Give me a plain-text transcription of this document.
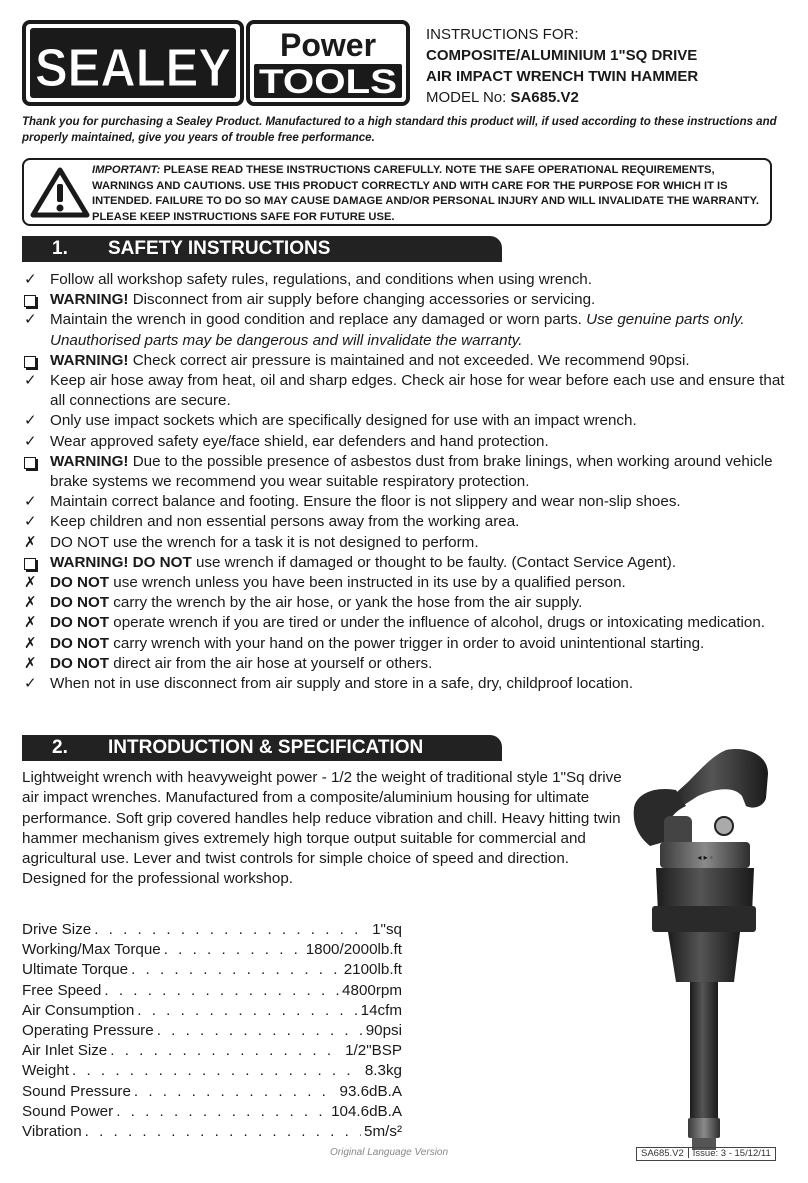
SEALEY Power
TOOLS
INSTRUCTIONS FOR:
COMPOSITE/ALUMINIUM 1"SQ DRIVE
AIR IMPACT WRENCH TWIN HAMMER
MODEL No: SA685.V2
Thank you for purchasing a Sealey Product. Manufactured to a high standard this product will, if used according to these instructions and properly maintained, give you years of trouble free performance.
IMPORTANT: PLEASE READ THESE INSTRUCTIONS CAREFULLY. NOTE THE SAFE OPERATIONAL REQUIREMENTS, WARNINGS AND CAUTIONS. USE THIS PRODUCT CORRECTLY AND WITH CARE FOR THE PURPOSE FOR WHICH IT IS INTENDED. FAILURE TO DO SO MAY CAUSE DAMAGE AND/OR PERSONAL INJURY AND WILL INVALIDATE THE WARRANTY. PLEASE KEEP INSTRUCTIONS SAFE FOR FUTURE USE.
1. SAFETY INSTRUCTIONS
✓ Follow all workshop safety rules, regulations, and conditions when using wrench.
WARNING! Disconnect from air supply before changing accessories or servicing.
✓ Maintain the wrench in good condition and replace any damaged or worn parts. Use genuine parts only. Unauthorised parts may be dangerous and will invalidate the warranty.
WARNING! Check correct air pressure is maintained and not exceeded. We recommend 90psi.
✓ Keep air hose away from heat, oil and sharp edges. Check air hose for wear before each use and ensure that all connections are secure.
✓ Only use impact sockets which are specifically designed for use with an impact wrench.
✓ Wear approved safety eye/face shield, ear defenders and hand protection.
WARNING! Due to the possible presence of asbestos dust from brake linings, when working around vehicle brake systems we recommend you wear suitable respiratory protection.
✓ Maintain correct balance and footing. Ensure the floor is not slippery and wear non-slip shoes.
✓ Keep children and non essential persons away from the working area.
✗ DO NOT use the wrench for a task it is not designed to perform.
WARNING! DO NOT use wrench if damaged or thought to be faulty. (Contact Service Agent).
✗ DO NOT use wrench unless you have been instructed in its use by a qualified person.
✗ DO NOT carry the wrench by the air hose, or yank the hose from the air supply.
✗ DO NOT operate wrench if you are tired or under the influence of alcohol, drugs or intoxicating medication.
✗ DO NOT carry wrench with your hand on the power trigger in order to avoid unintentional starting.
✗ DO NOT direct air from the air hose at yourself or others.
✓ When not in use disconnect from air supply and store in a safe, dry, childproof location.
2. INTRODUCTION & SPECIFICATION
Lightweight wrench with heavyweight power - 1/2 the weight of traditional style 1"Sq drive air impact wrenches. Manufactured from a composite/aluminium housing for ultimate performance. Soft grip covered handles help reduce vibration and chill. Heavy hitting twin hammer mechanism gives extremely high torque output suitable for commercial and agricultural use. Lever and twist controls for simple choice of speed and direction. Designed for the professional workshop.
Drive Size . . .	1"sq
Working/Max Torque . . .	1800/2000lb.ft
Ultimate Torque . . .	2100lb.ft
Free Speed . . .	4800rpm
Air Consumption . . .	14cfm
Operating Pressure . . .	90psi
Air Inlet Size . . .	1/2"BSP
Weight . . .	8.3kg
Sound Pressure . . .	93.6dB.A
Sound Power . . .	104.6dB.A
Vibration . . .	5m/s²
◂ ▸ ◦
Original Language Version	SA685.V2 Issue: 3 - 15/12/11
